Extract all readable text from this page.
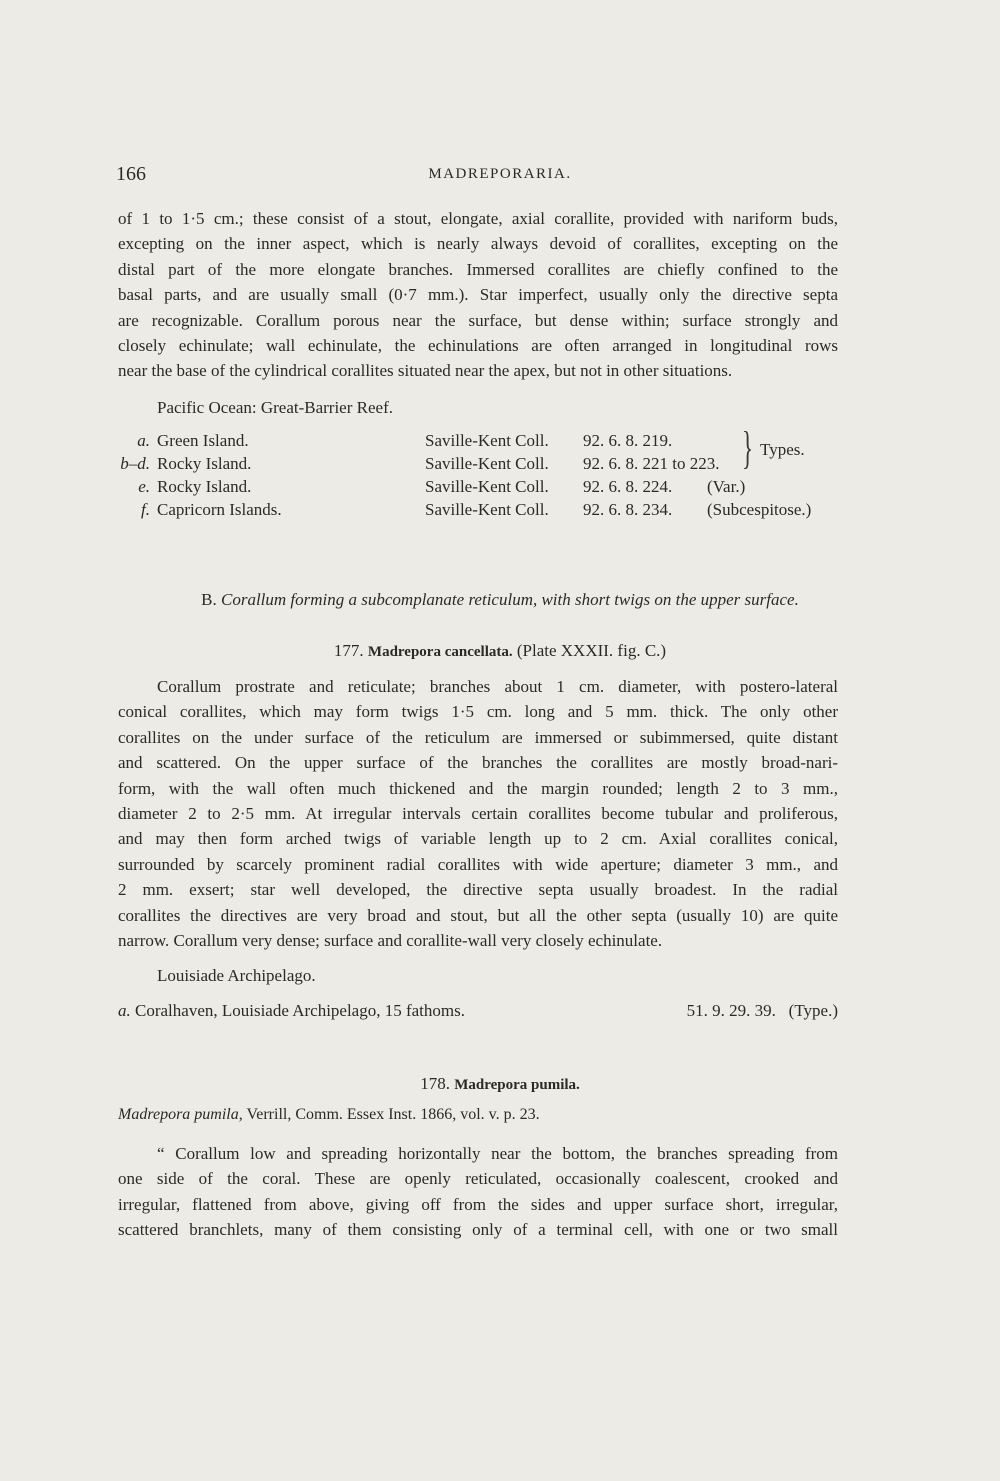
166	MADREPORARIA.
of 1 to 1·5 cm.; these consist of a stout, elongate, axial corallite, provided with nariform buds,
excepting on the inner aspect, which is nearly always devoid of corallites, excepting on the
distal part of the more elongate branches. Immersed corallites are chiefly confined to the
basal parts, and are usually small (0·7 mm.). Star imperfect, usually only the directive septa
are recognizable. Corallum porous near the surface, but dense within; surface strongly and
closely echinulate; wall echinulate, the echinulations are often arranged in longitudinal rows
near the base of the cylindrical corallites situated near the apex, but not in other situations.
Pacific Ocean: Great-Barrier Reef.
a. Green Island.	Saville-Kent Coll. 92. 6. 8. 219.
b–d. Rocky Island.	Saville-Kent Coll. 92. 6. 8. 221 to 223.
e. Rocky Island.	Saville-Kent Coll. 92. 6. 8. 224. (Var.)
f. Capricorn Islands.	Saville-Kent Coll. 92. 6. 8. 234. (Subcespitose.)
} Types.
B. Corallum forming a subcomplanate reticulum, with short twigs on the upper surface.
177. Madrepora cancellata. (Plate XXXII. fig. C.)
Corallum prostrate and reticulate; branches about 1 cm. diameter, with postero-lateral
conical corallites, which may form twigs 1·5 cm. long and 5 mm. thick. The only other
corallites on the under surface of the reticulum are immersed or subimmersed, quite distant
and scattered. On the upper surface of the branches the corallites are mostly broad-nari-
form, with the wall often much thickened and the margin rounded; length 2 to 3 mm.,
diameter 2 to 2·5 mm. At irregular intervals certain corallites become tubular and proliferous,
and may then form arched twigs of variable length up to 2 cm. Axial corallites conical,
surrounded by scarcely prominent radial corallites with wide aperture; diameter 3 mm., and
2 mm. exsert; star well developed, the directive septa usually broadest. In the radial
corallites the directives are very broad and stout, but all the other septa (usually 10) are quite
narrow. Corallum very dense; surface and corallite-wall very closely echinulate.
Louisiade Archipelago.
a. Coralhaven, Louisiade Archipelago, 15 fathoms.	51. 9. 29. 39. (Type.)
178. Madrepora pumila.
Madrepora pumila, Verrill, Comm. Essex Inst. 1866, vol. v. p. 23.
“ Corallum low and spreading horizontally near the bottom, the branches spreading from
one side of the coral. These are openly reticulated, occasionally coalescent, crooked and
irregular, flattened from above, giving off from the sides and upper surface short, irregular,
scattered branchlets, many of them consisting only of a terminal cell, with one or two small
